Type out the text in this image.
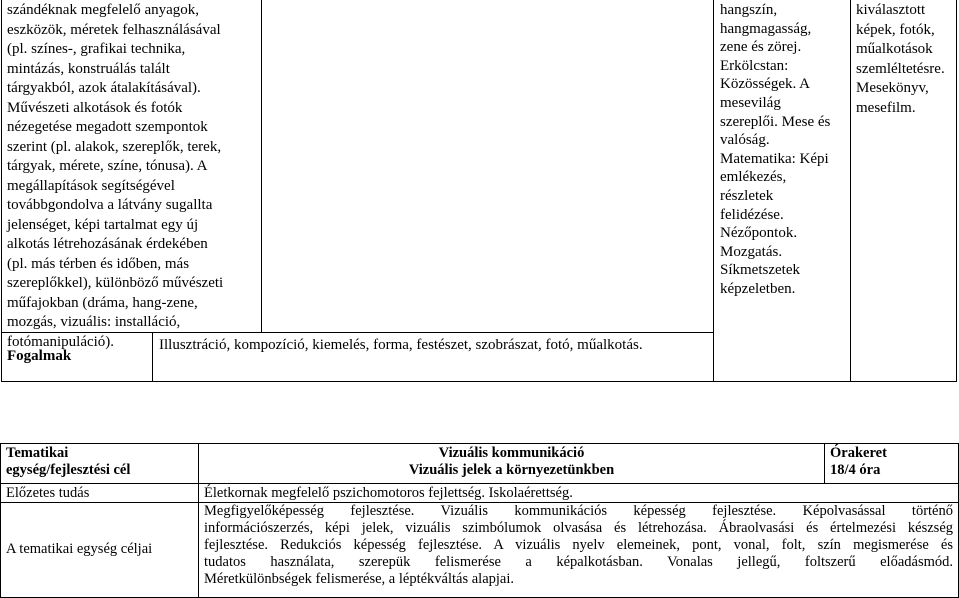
szándéknak megfelelő anyagok,
eszközök, méretek felhasználásával
(pl. színes-, grafikai technika,
mintázás, konstruálás talált
tárgyakból, azok átalakításával).
Művészeti alkotások és fotók
nézegetése megadott szempontok
szerint (pl. alakok, szereplők, terek,
tárgyak, mérete, színe, tónusa). A
megállapítások segítségével
továbbgondolva a látvány sugallta
jelenséget, képi tartalmat egy új
alkotás létrehozásának érdekében
(pl. más térben és időben, más
szereplőkkel), különböző művészeti
műfajokban (dráma, hang-zene,
mozgás, vizuális: installáció,
fotómanipuláció).
hangszín,
hangmagasság,
zene és zörej.
Erkölcstan:
Közösségek. A
mesevilág
szereplői. Mese és
valóság.
Matematika: Képi
emlékezés,
részletek
felidézése.
Nézőpontok.
Mozgatás.
Síkmetszetek
képzeletben.
kiválasztott
képek, fotók,
műalkotások
szemléltetésre.
Mesekönyv,
mesefilm.
Fogalmak
Illusztráció, kompozíció, kiemelés, forma, festészet, szobrászat, fotó, műalkotás.
Tematikai
egység/fejlesztési cél
Vizuális kommunikáció
Vizuális jelek a környezetünkben
Órakeret
18/4 óra
Előzetes tudás	Életkornak megfelelő pszichomotoros fejlettség. Iskolaérettség.
A tematikai egység céljai
Megfigyelőképesség fejlesztése. Vizuális kommunikációs képesség fejlesztése. Képolvasással történő
információszerzés, képi jelek, vizuális szimbólumok olvasása és létrehozása. Ábraolvasási és értelmezési készség
fejlesztése. Redukciós képesség fejlesztése. A vizuális nyelv elemeinek, pont, vonal, folt, szín megismerése és
tudatos használata, szerepük felismerése a képalkotásban. Vonalas jellegű, foltszerű előadásmód.
Méretkülönbségek felismerése, a léptékváltás alapjai.
